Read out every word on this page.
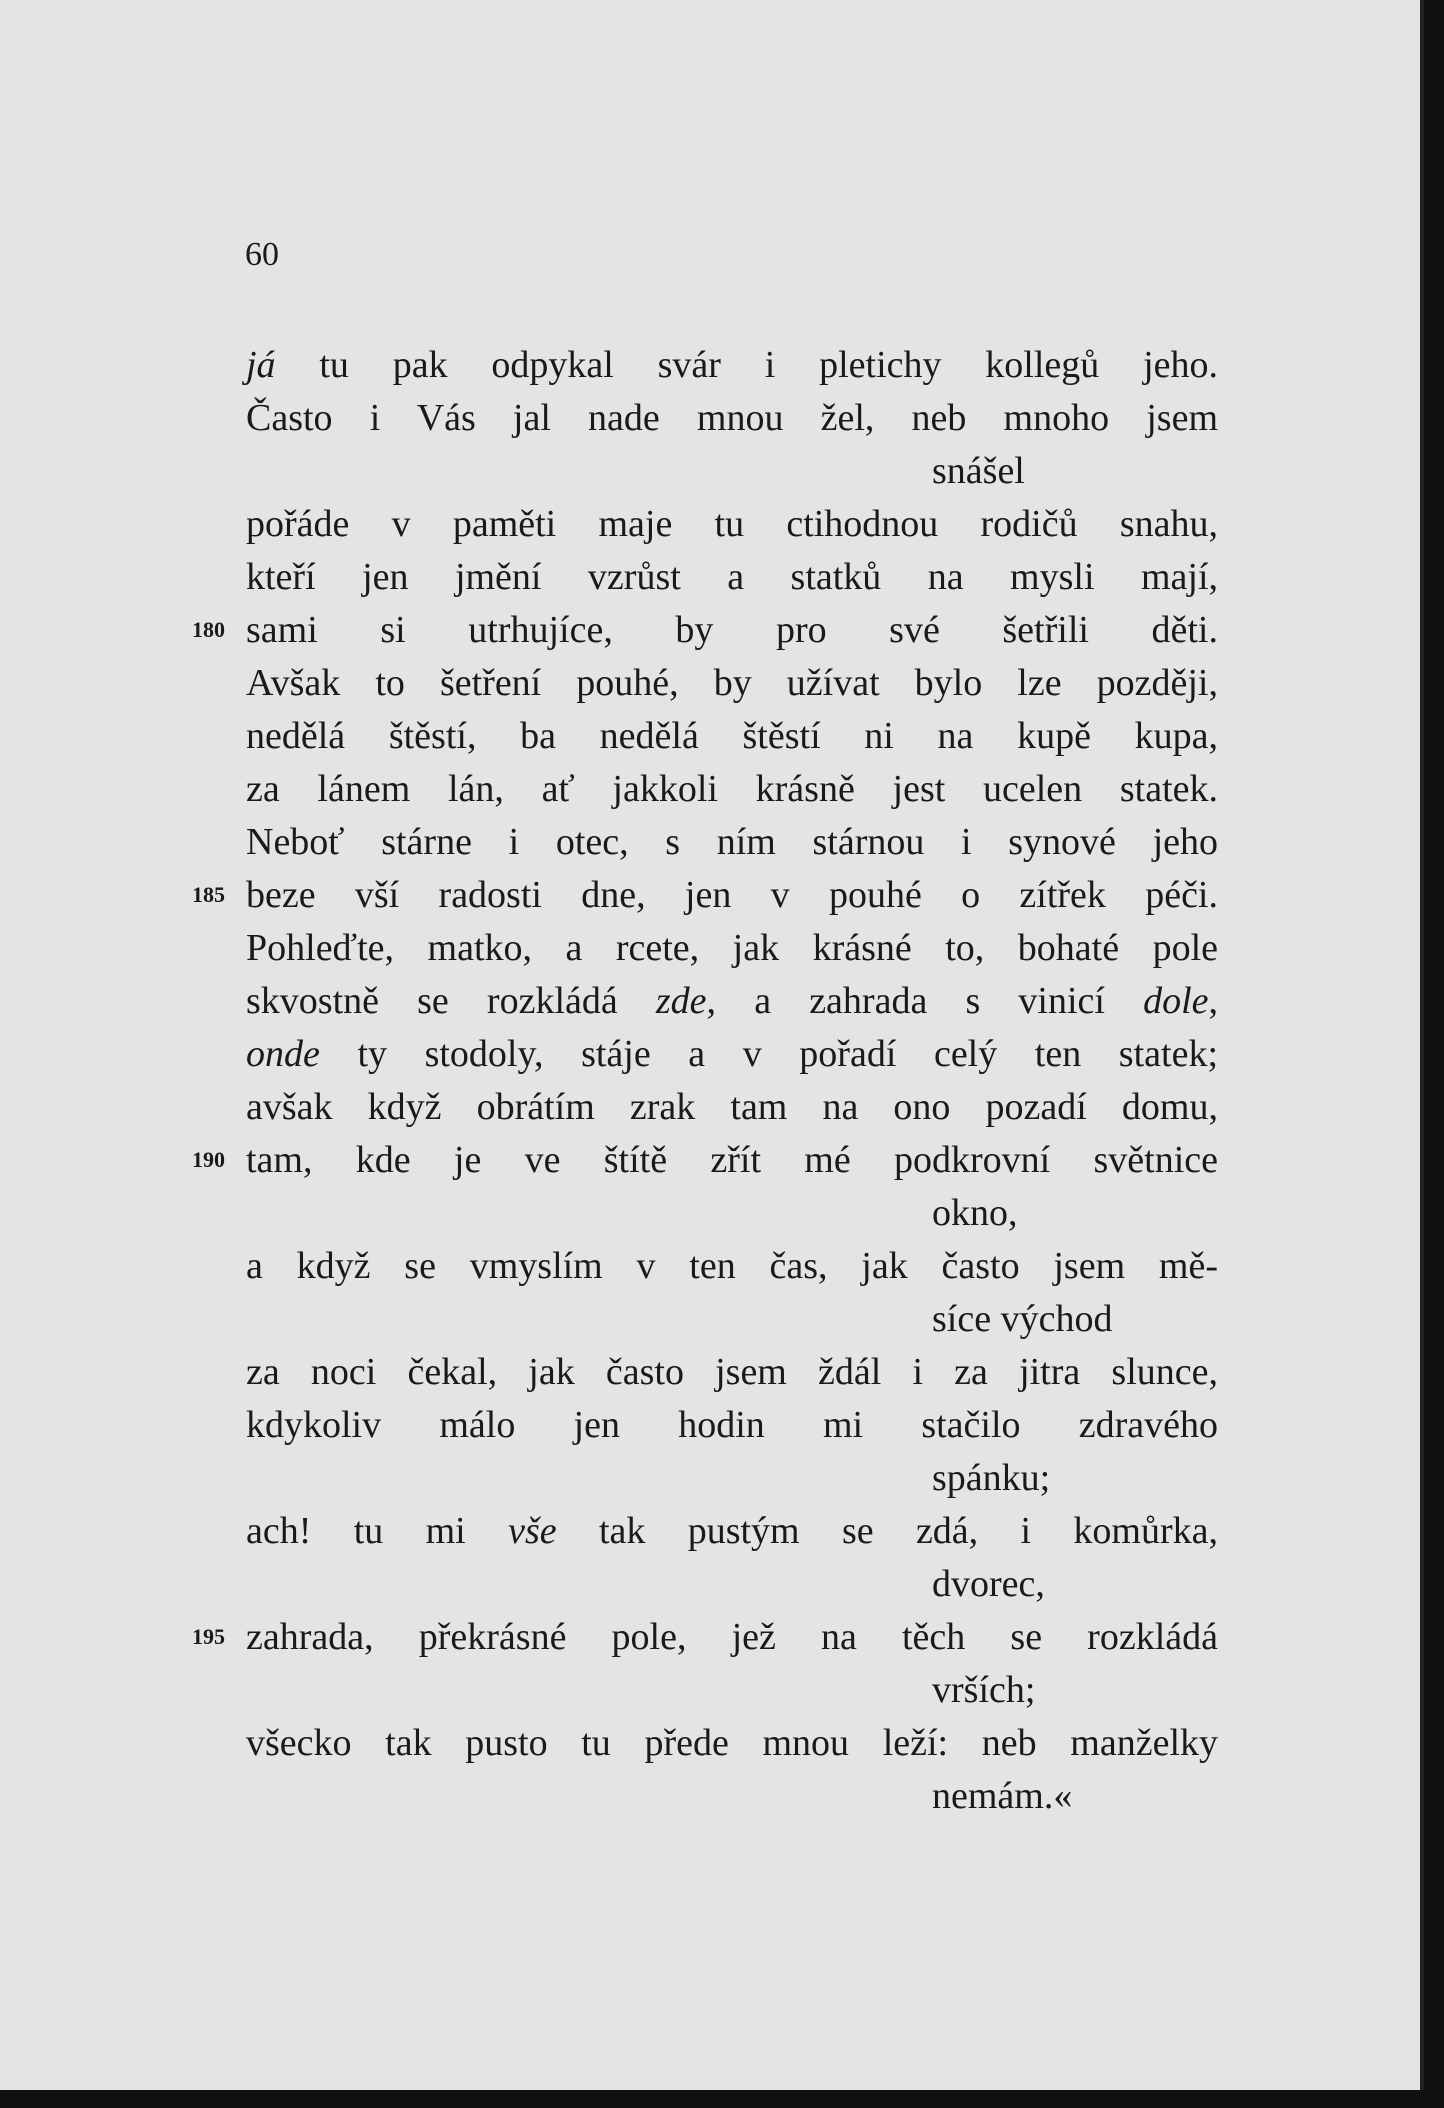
60
já tu pak odpykal svár i pletichy kollegů jeho.
Často i Vás jal nade mnou žel, neb mnoho jsem
snášel
pořáde v paměti maje tu ctihodnou rodičů snahu,
kteří jen jmění vzrůst a statků na mysli mají,
sami si utrhujíce, by pro své šetřili děti.
180
Avšak to šetření pouhé, by užívat bylo lze později,
nedělá štěstí, ba nedělá štěstí ni na kupě kupa,
za lánem lán, ať jakkoli krásně jest ucelen statek.
Neboť stárne i otec, s ním stárnou i synové jeho
beze vší radosti dne, jen v pouhé o zítřek péči.
185
Pohleďte, matko, a rcete, jak krásné to, bohaté pole
skvostně se rozkládá zde, a zahrada s vinicí dole,
onde ty stodoly, stáje a v pořadí celý ten statek;
avšak když obrátím zrak tam na ono pozadí domu,
tam, kde je ve štítě zřít mé podkrovní světnice
190
okno,
a když se vmyslím v ten čas, jak často jsem mě-
síce východ
za noci čekal, jak často jsem ždál i za jitra slunce,
kdykoliv málo jen hodin mi stačilo zdravého
spánku;
ach! tu mi vše tak pustým se zdá, i komůrka,
dvorec,
zahrada, překrásné pole, jež na těch se rozkládá
195
vrších;
všecko tak pusto tu přede mnou leží: neb manželky
nemám.«
